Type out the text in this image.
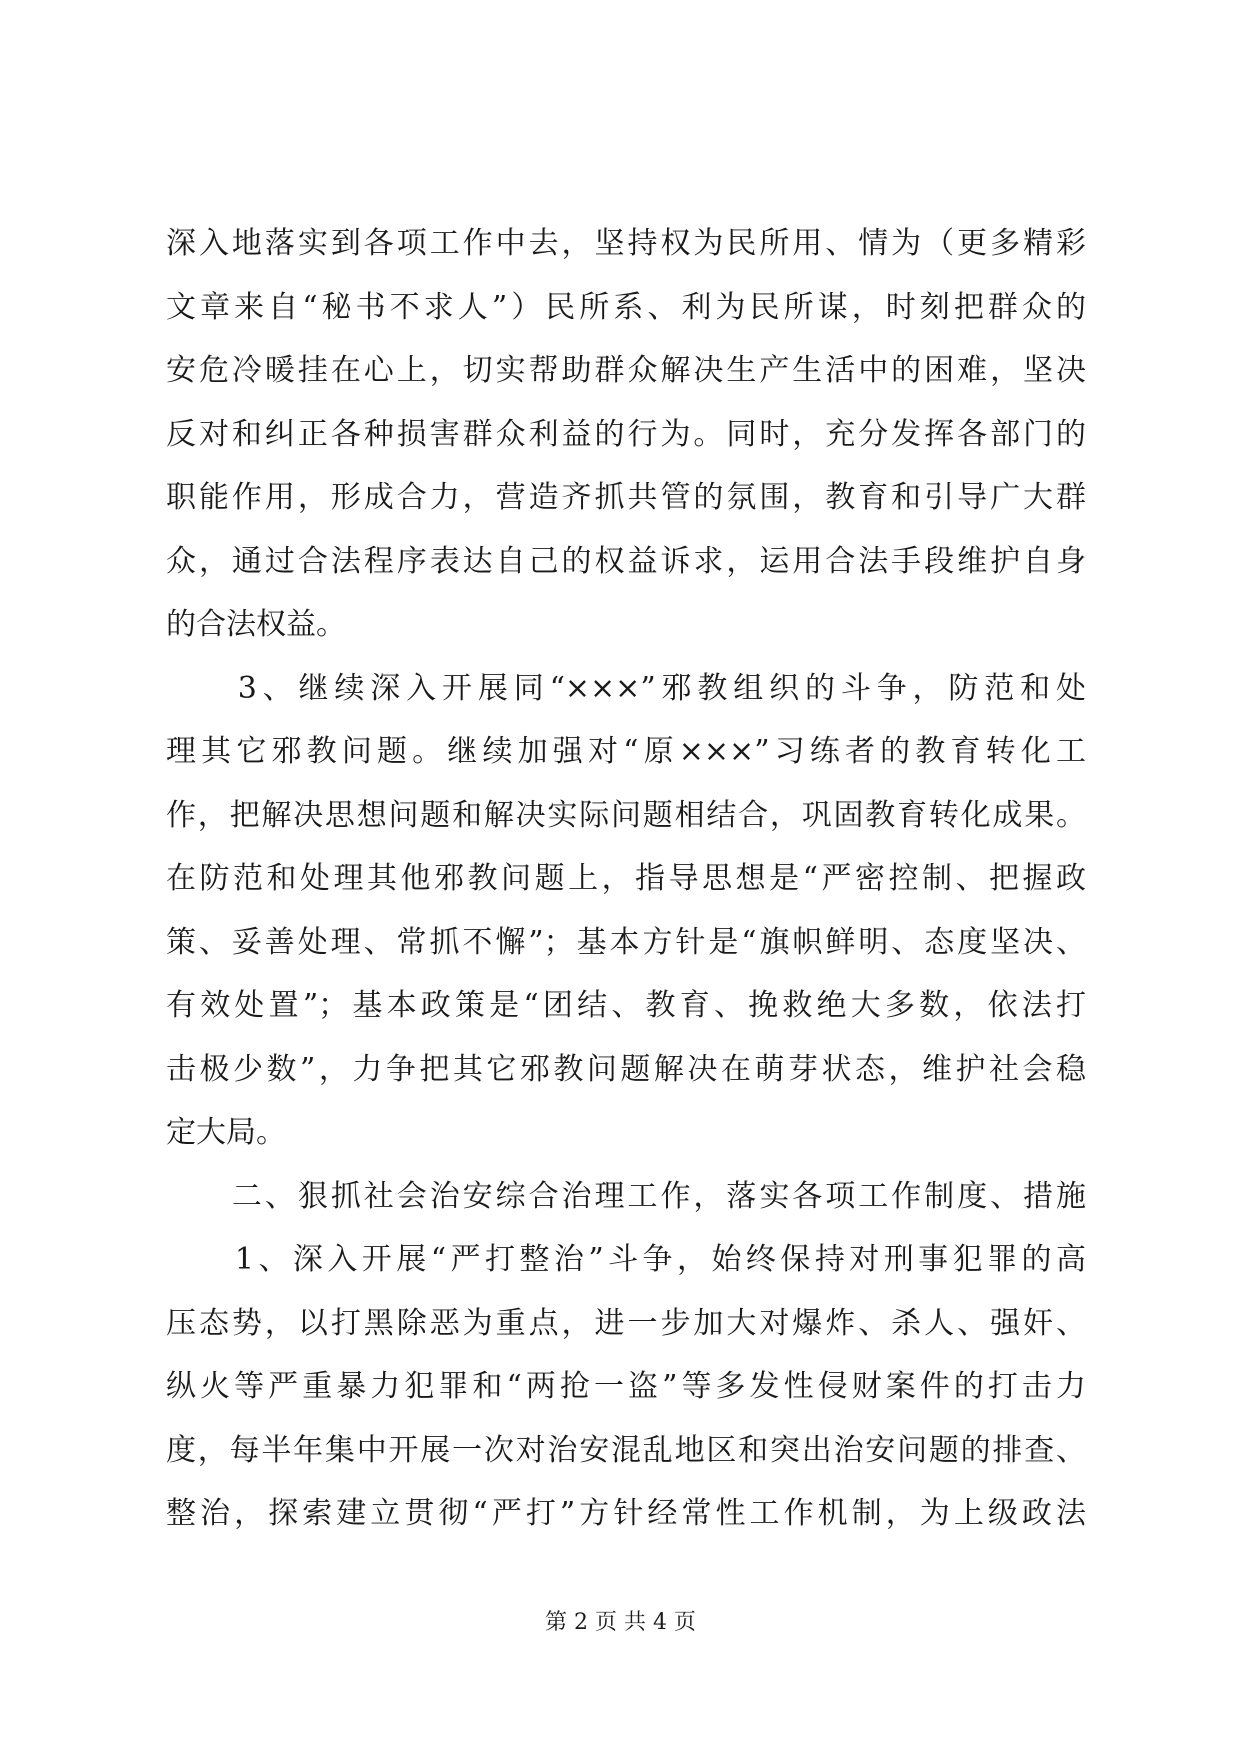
深入地落实到各项工作中去，坚持权为民所用、情为（更多精彩
文章来自“秘书不求人”）民所系、利为民所谋，时刻把群众的
安危冷暖挂在心上，切实帮助群众解决生产生活中的困难，坚决
反对和纠正各种损害群众利益的行为。同时，充分发挥各部门的
职能作用，形成合力，营造齐抓共管的氛围，教育和引导广大群
众，通过合法程序表达自己的权益诉求，运用合法手段维护自身
的合法权益。
　　3、继续深入开展同“×××”邪教组织的斗争，防范和处
理其它邪教问题。继续加强对“原×××”习练者的教育转化工
作，把解决思想问题和解决实际问题相结合，巩固教育转化成果。
在防范和处理其他邪教问题上，指导思想是“严密控制、把握政
策、妥善处理、常抓不懈”；基本方针是“旗帜鲜明、态度坚决、
有效处置”；基本政策是“团结、教育、挽救绝大多数，依法打
击极少数”，力争把其它邪教问题解决在萌芽状态，维护社会稳
定大局。
　　二、狠抓社会治安综合治理工作，落实各项工作制度、措施
　　1、深入开展“严打整治”斗争，始终保持对刑事犯罪的高
压态势，以打黑除恶为重点，进一步加大对爆炸、杀人、强奸、
纵火等严重暴力犯罪和“两抢一盗”等多发性侵财案件的打击力
度，每半年集中开展一次对治安混乱地区和突出治安问题的排查、
整治，探索建立贯彻“严打”方针经常性工作机制，为上级政法
第 2 页 共 4 页
